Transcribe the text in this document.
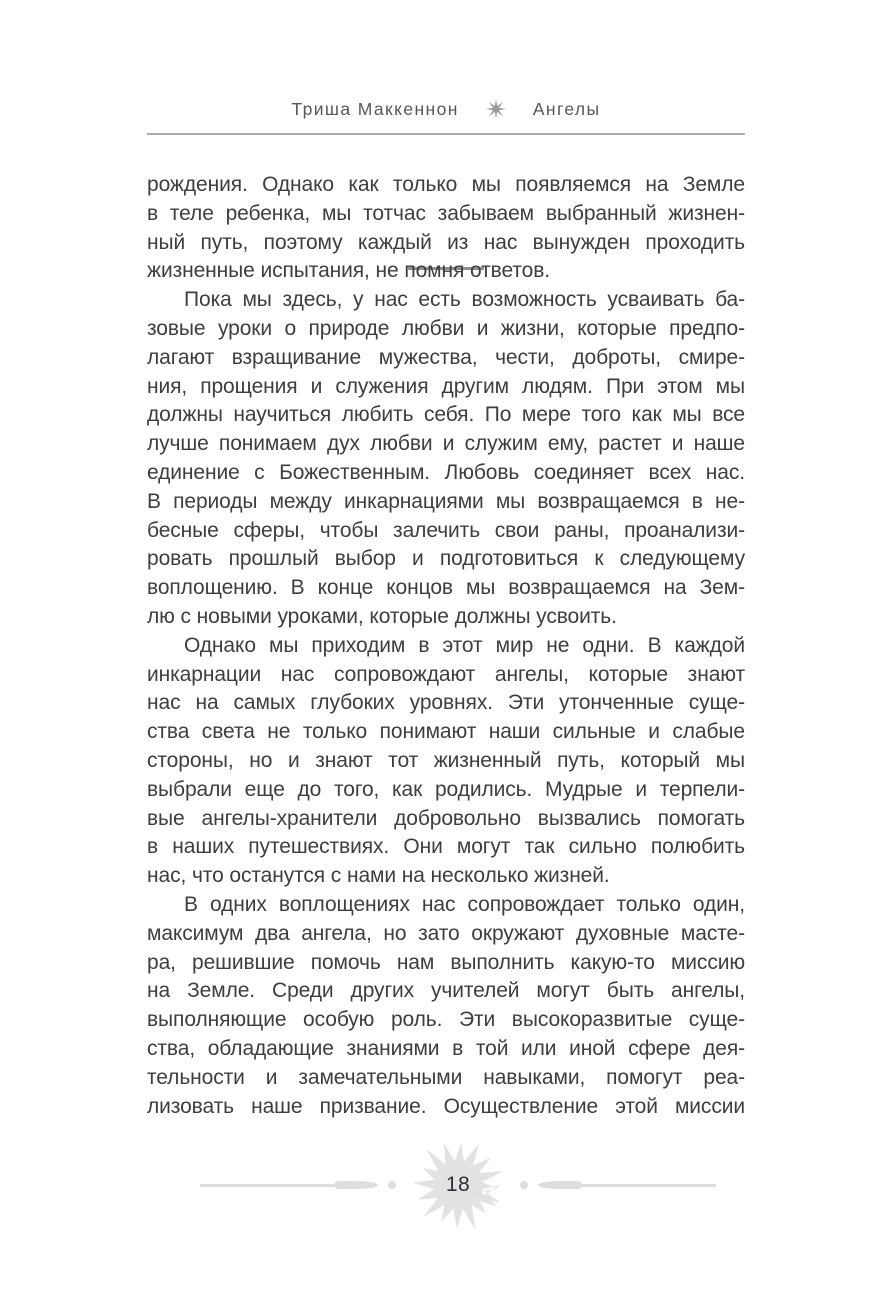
Триша Маккеннон	Ангелы
рождения. Однако как только мы появляемся на Земле
в теле ребенка, мы тотчас забываем выбранный жизнен-
ный путь, поэтому каждый из нас вынужден проходить
жизненные испытания, не помня ответов.
Пока мы здесь, у нас есть возможность усваивать ба-
зовые уроки о природе любви и жизни, которые предпо-
лагают взращивание мужества, чести, доброты, смире-
ния, прощения и служения другим людям. При этом мы
должны научиться любить себя. По мере того как мы все
лучше понимаем дух любви и служим ему, растет и наше
единение с Божественным. Любовь соединяет всех нас.
В периоды между инкарнациями мы возвращаемся в не-
бесные сферы, чтобы залечить свои раны, проанализи-
ровать прошлый выбор и подготовиться к следующему
воплощению. В конце концов мы возвращаемся на Зем-
лю с новыми уроками, которые должны усвоить.
Однако мы приходим в этот мир не одни. В каждой
инкарнации нас сопровождают ангелы, которые знают
нас на самых глубоких уровнях. Эти утонченные суще-
ства света не только понимают наши сильные и слабые
стороны, но и знают тот жизненный путь, который мы
выбрали еще до того, как родились. Мудрые и терпели-
вые ангелы-хранители добровольно вызвались помогать
в наших путешествиях. Они могут так сильно полюбить
нас, что останутся с нами на несколько жизней.
В одних воплощениях нас сопровождает только один,
максимум два ангела, но зато окружают духовные масте-
ра, решившие помочь нам выполнить какую-то миссию
на Земле. Среди других учителей могут быть ангелы,
выполняющие особую роль. Эти высокоразвитые суще-
ства, обладающие знаниями в той или иной сфере дея-
тельности и замечательными навыками, помогут реа-
лизовать наше призвание. Осуществление этой миссии
18
